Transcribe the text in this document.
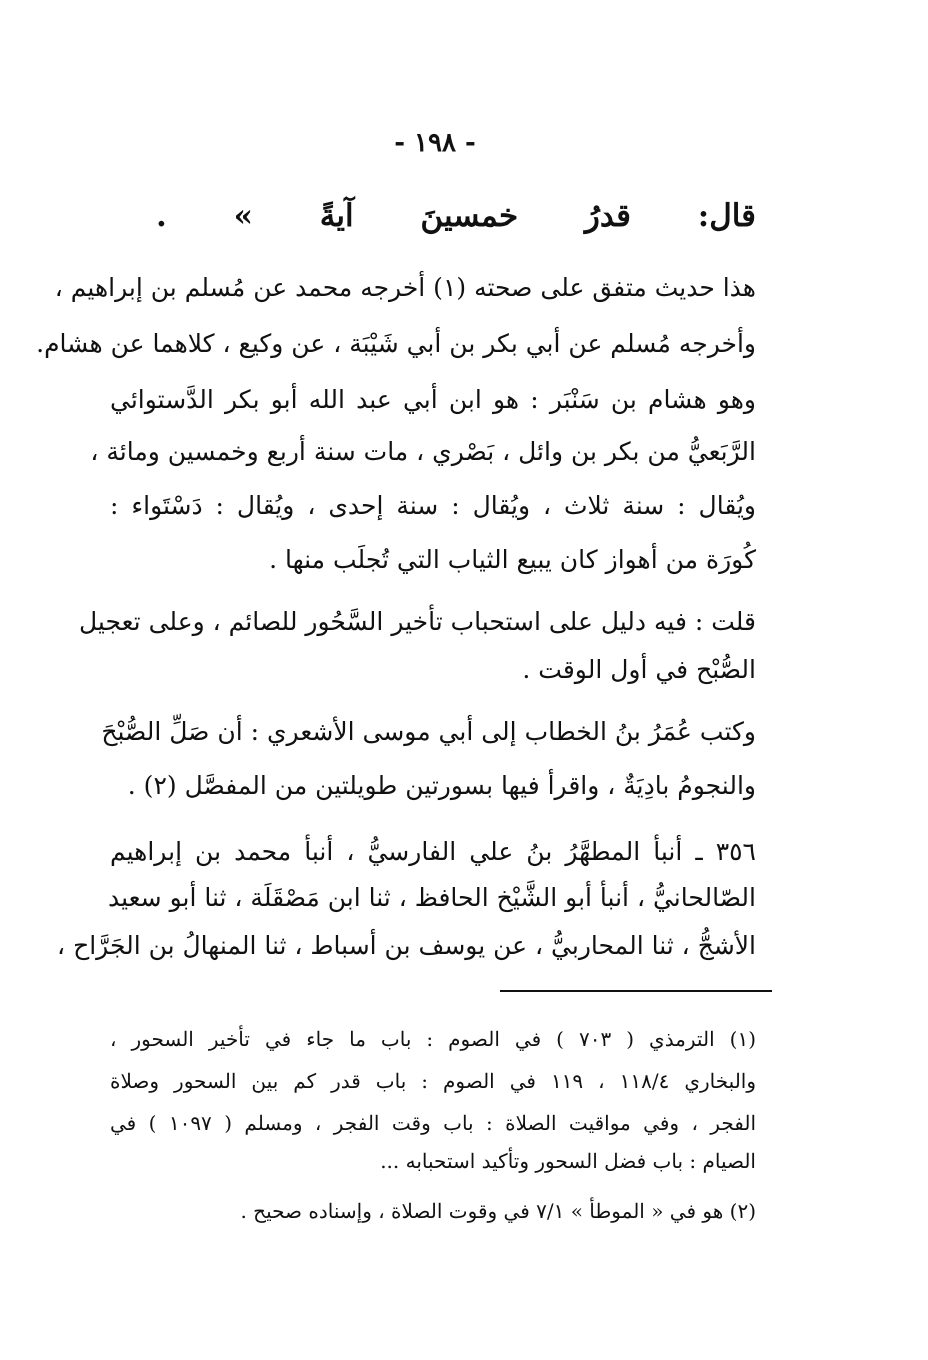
- ١٩٨ -
قال: قدرُ خمسينَ آيةً » .
هذا حديث متفق على صحته (١) أخرجه محمد عن مُسلم بن إبراهيم ،
وأخرجه مُسلم عن أبي بكر بن أبي شَيْبَة ، عن وكيع ، كلاهما عن هشام.
وهو هشام بن سَنْبَر : هو ابن أبي عبد الله أبو بكر الدَّستوائي
الرَّبَعيُّ من بكر بن وائل ، بَصْري ، مات سنة أربع وخمسين ومائة ،
ويُقال : سنة ثلاث ، ويُقال : سنة إحدى ، ويُقال : دَسْتَواء :
كُورَة من أهواز كان يبيع الثياب التي تُجلَب منها .
قلت : فيه دليل على استحباب تأخير السَّحُور للصائم ، وعلى تعجيل
الصُّبْح في أول الوقت .
وكتب عُمَرُ بنُ الخطاب إلى أبي موسى الأشعري : أن صَلِّ الصُّبْحَ
والنجومُ بادِيَةٌ ، واقرأ فيها بسورتين طويلتين من المفصَّل (٢) .
٣٥٦ ـ أنبأ المطهَّرُ بنُ علي الفارسيُّ ، أنبأ محمد بن إبراهيم
الصّالحانيُّ ، أنبأ أبو الشَّيْخ الحافظ ، ثنا ابن مَصْقَلَة ، ثنا أبو سعيد
الأشجُّ ، ثنا المحاربيُّ ، عن يوسف بن أسباط ، ثنا المنهالُ بن الجَرَّاح ،
(١) الترمذي ( ٧٠٣ ) في الصوم : باب ما جاء في تأخير السحور ،
والبخاري ١١٨/٤ ، ١١٩ في الصوم : باب قدر كم بين السحور وصلاة
الفجر ، وفي مواقيت الصلاة : باب وقت الفجر ، ومسلم ( ١٠٩٧ ) في
الصيام : باب فضل السحور وتأكيد استحبابه ...
(٢) هو في « الموطأ » ٧/١ في وقوت الصلاة ، وإسناده صحيح .
